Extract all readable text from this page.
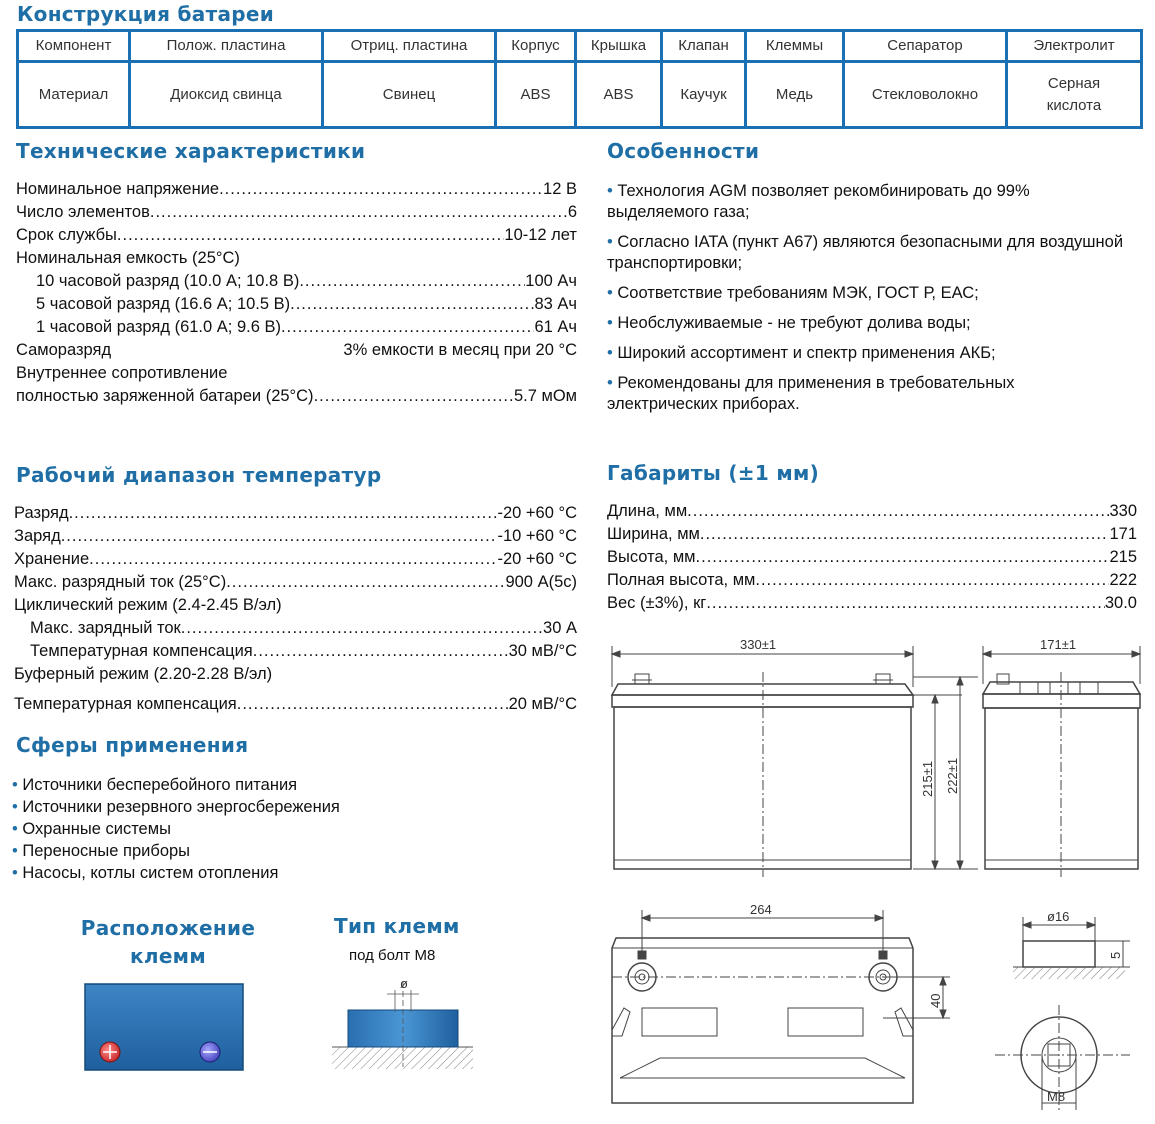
Конструкция батареи
Компонент	Полож. пластина	Отриц. пластина	Корпус	Крышка	Клапан	Клеммы	Сепаратор	Электролит
Материал	Диоксид свинца	Свинец	ABS	ABS	Каучук	Медь	Стекловолокно	Серная кислота
Технические характеристики
Номинальное напряжение .....	12 В
Число элементов .....	6
Срок службы .....	10-12 лет
Номинальная емкость (25°С)
10 часовой разряд (10.0 А; 10.8 В) .....	100 Ач
5 часовой разряд (16.6 А; 10.5 В) .....	83 Ач
1 часовой разряд (61.0 А; 9.6 В) .....	61 Ач
Саморазряд	3% емкости в месяц при 20 °С
Внутреннее сопротивление
полностью заряженной батареи (25°С) .....	5.7 мОм
Особенности
• Технология AGM позволяет рекомбинировать до 99% выделяемого газа;
• Согласно IATA (пункт А67) являются безопасными для воздушной транспортировки;
• Соответствие требованиям МЭК, ГОСТ Р, ЕАС;
• Необслуживаемые - не требуют долива воды;
• Широкий ассортимент и спектр применения АКБ;
• Рекомендованы для применения в требовательных электрических приборах.
Рабочий диапазон температур
Разряд .....	-20 +60 °С
Заряд .....	-10 +60 °С
Хранение .....	-20 +60 °С
Макс. разрядный ток (25°С) .....	900 А(5с)
Циклический режим (2.4-2.45 В/эл)
Макс. зарядный ток .....	30 А
Температурная компенсация .....	30 мВ/°С
Буферный режим (2.20-2.28 В/эл)
Температурная компенсация .....	20 мВ/°С
Габариты (±1 мм)
Длина, мм .....	330
Ширина, мм .....	171
Высота, мм .....	215
Полная высота, мм .....	222
Вес (±3%), кг .....	30.0
Сферы применения
• Источники бесперебойного питания
• Источники резервного энергосбережения
• Охранные системы
• Переносные приборы
• Насосы, котлы систем отопления
Расположение
клемм
Тип клемм
под болт М8
ø
330±1
215±1 222±1
171±1
264
40
ø16
5
М8
